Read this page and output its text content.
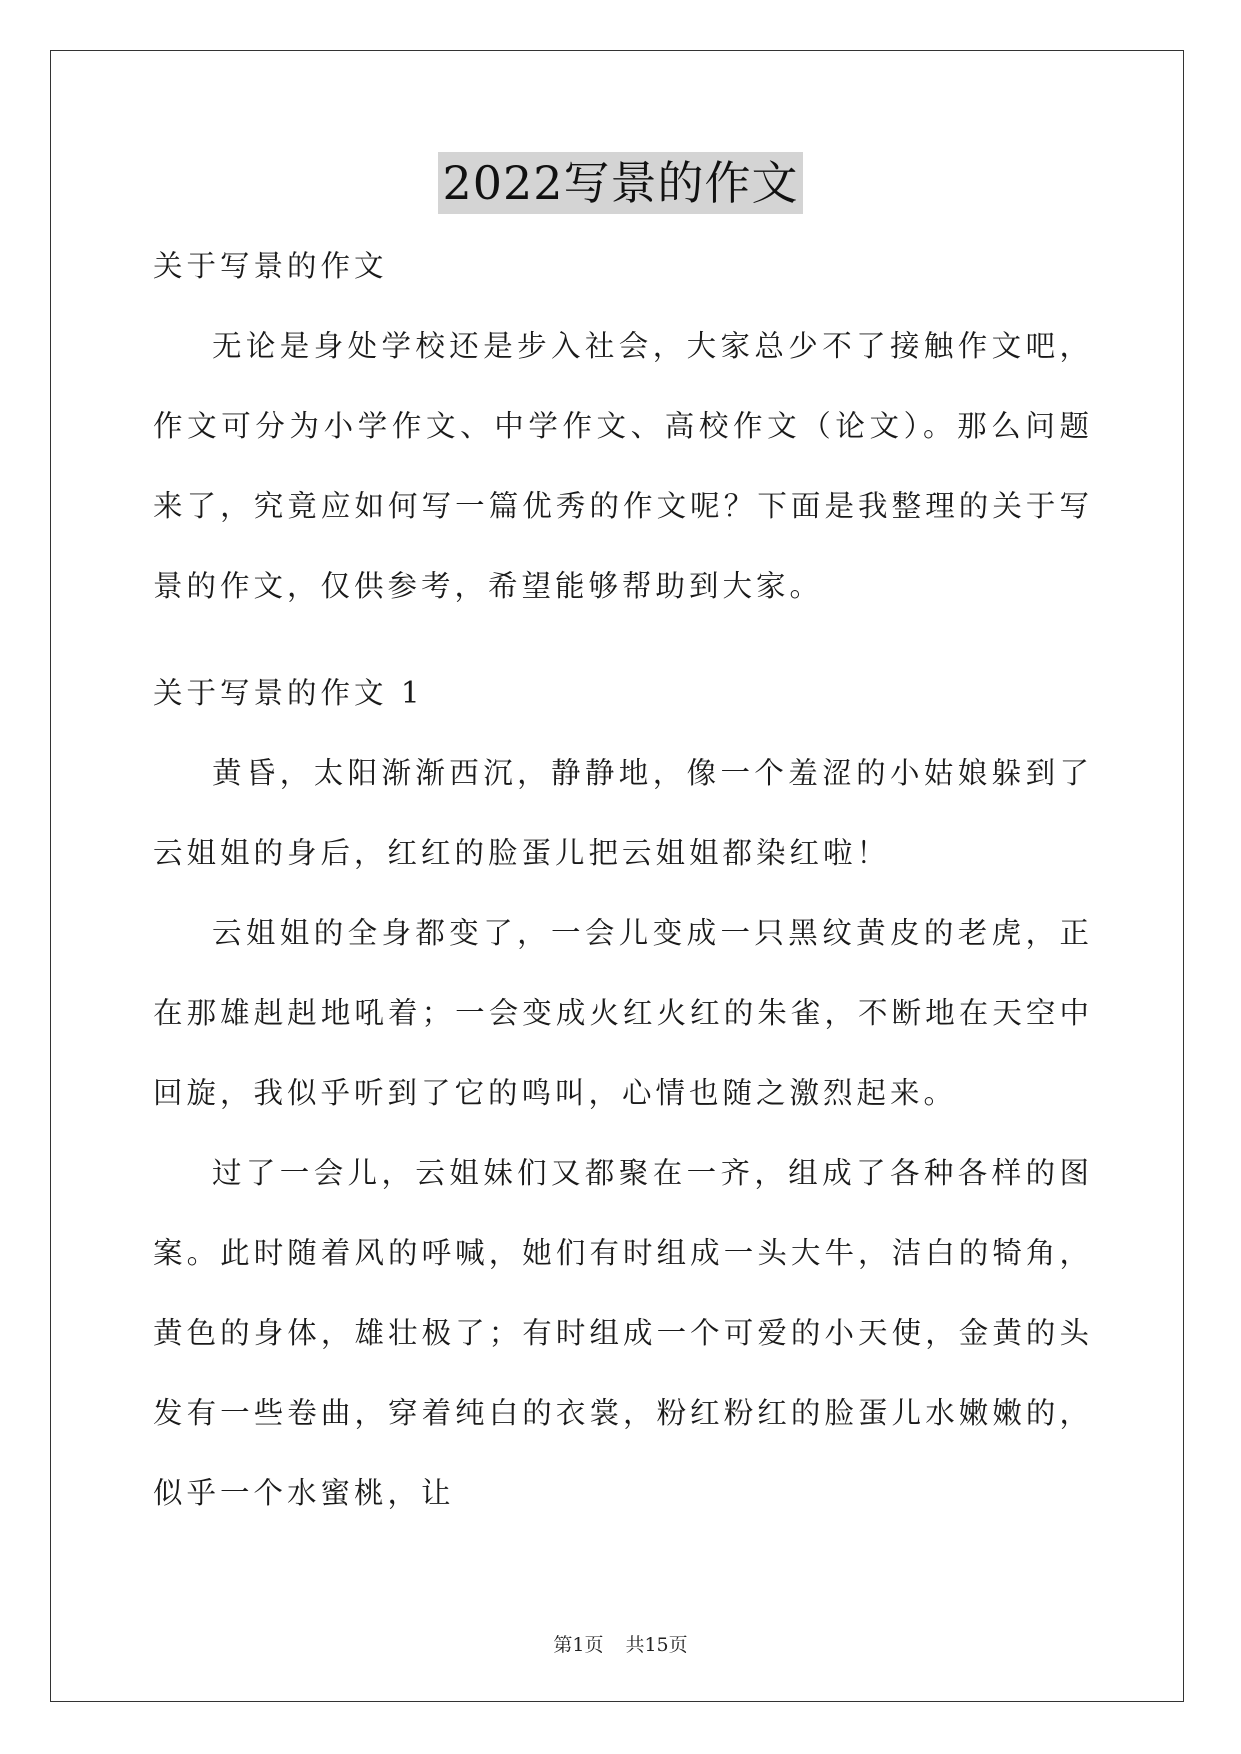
2022写景的作文

关于写景的作文

无论是身处学校还是步入社会，大家总少不了接触作文吧，作文可分为小学作文、中学作文、高校作文（论文）。那么问题来了，究竟应如何写一篇优秀的作文呢？下面是我整理的关于写景的作文，仅供参考，希望能够帮助到大家。

关于写景的作文 1

黄昏，太阳渐渐西沉，静静地，像一个羞涩的小姑娘躲到了云姐姐的身后，红红的脸蛋儿把云姐姐都染红啦！

云姐姐的全身都变了，一会儿变成一只黑纹黄皮的老虎，正在那雄赳赳地吼着；一会变成火红火红的朱雀，不断地在天空中回旋，我似乎听到了它的鸣叫，心情也随之激烈起来。

过了一会儿，云姐妹们又都聚在一齐，组成了各种各样的图案。此时随着风的呼喊，她们有时组成一头大牛，洁白的犄角，黄色的身体，雄壮极了；有时组成一个可爱的小天使，金黄的头发有一些卷曲，穿着纯白的衣裳，粉红粉红的脸蛋儿水嫩嫩的，似乎一个水蜜桃，让

第1页 共15页
